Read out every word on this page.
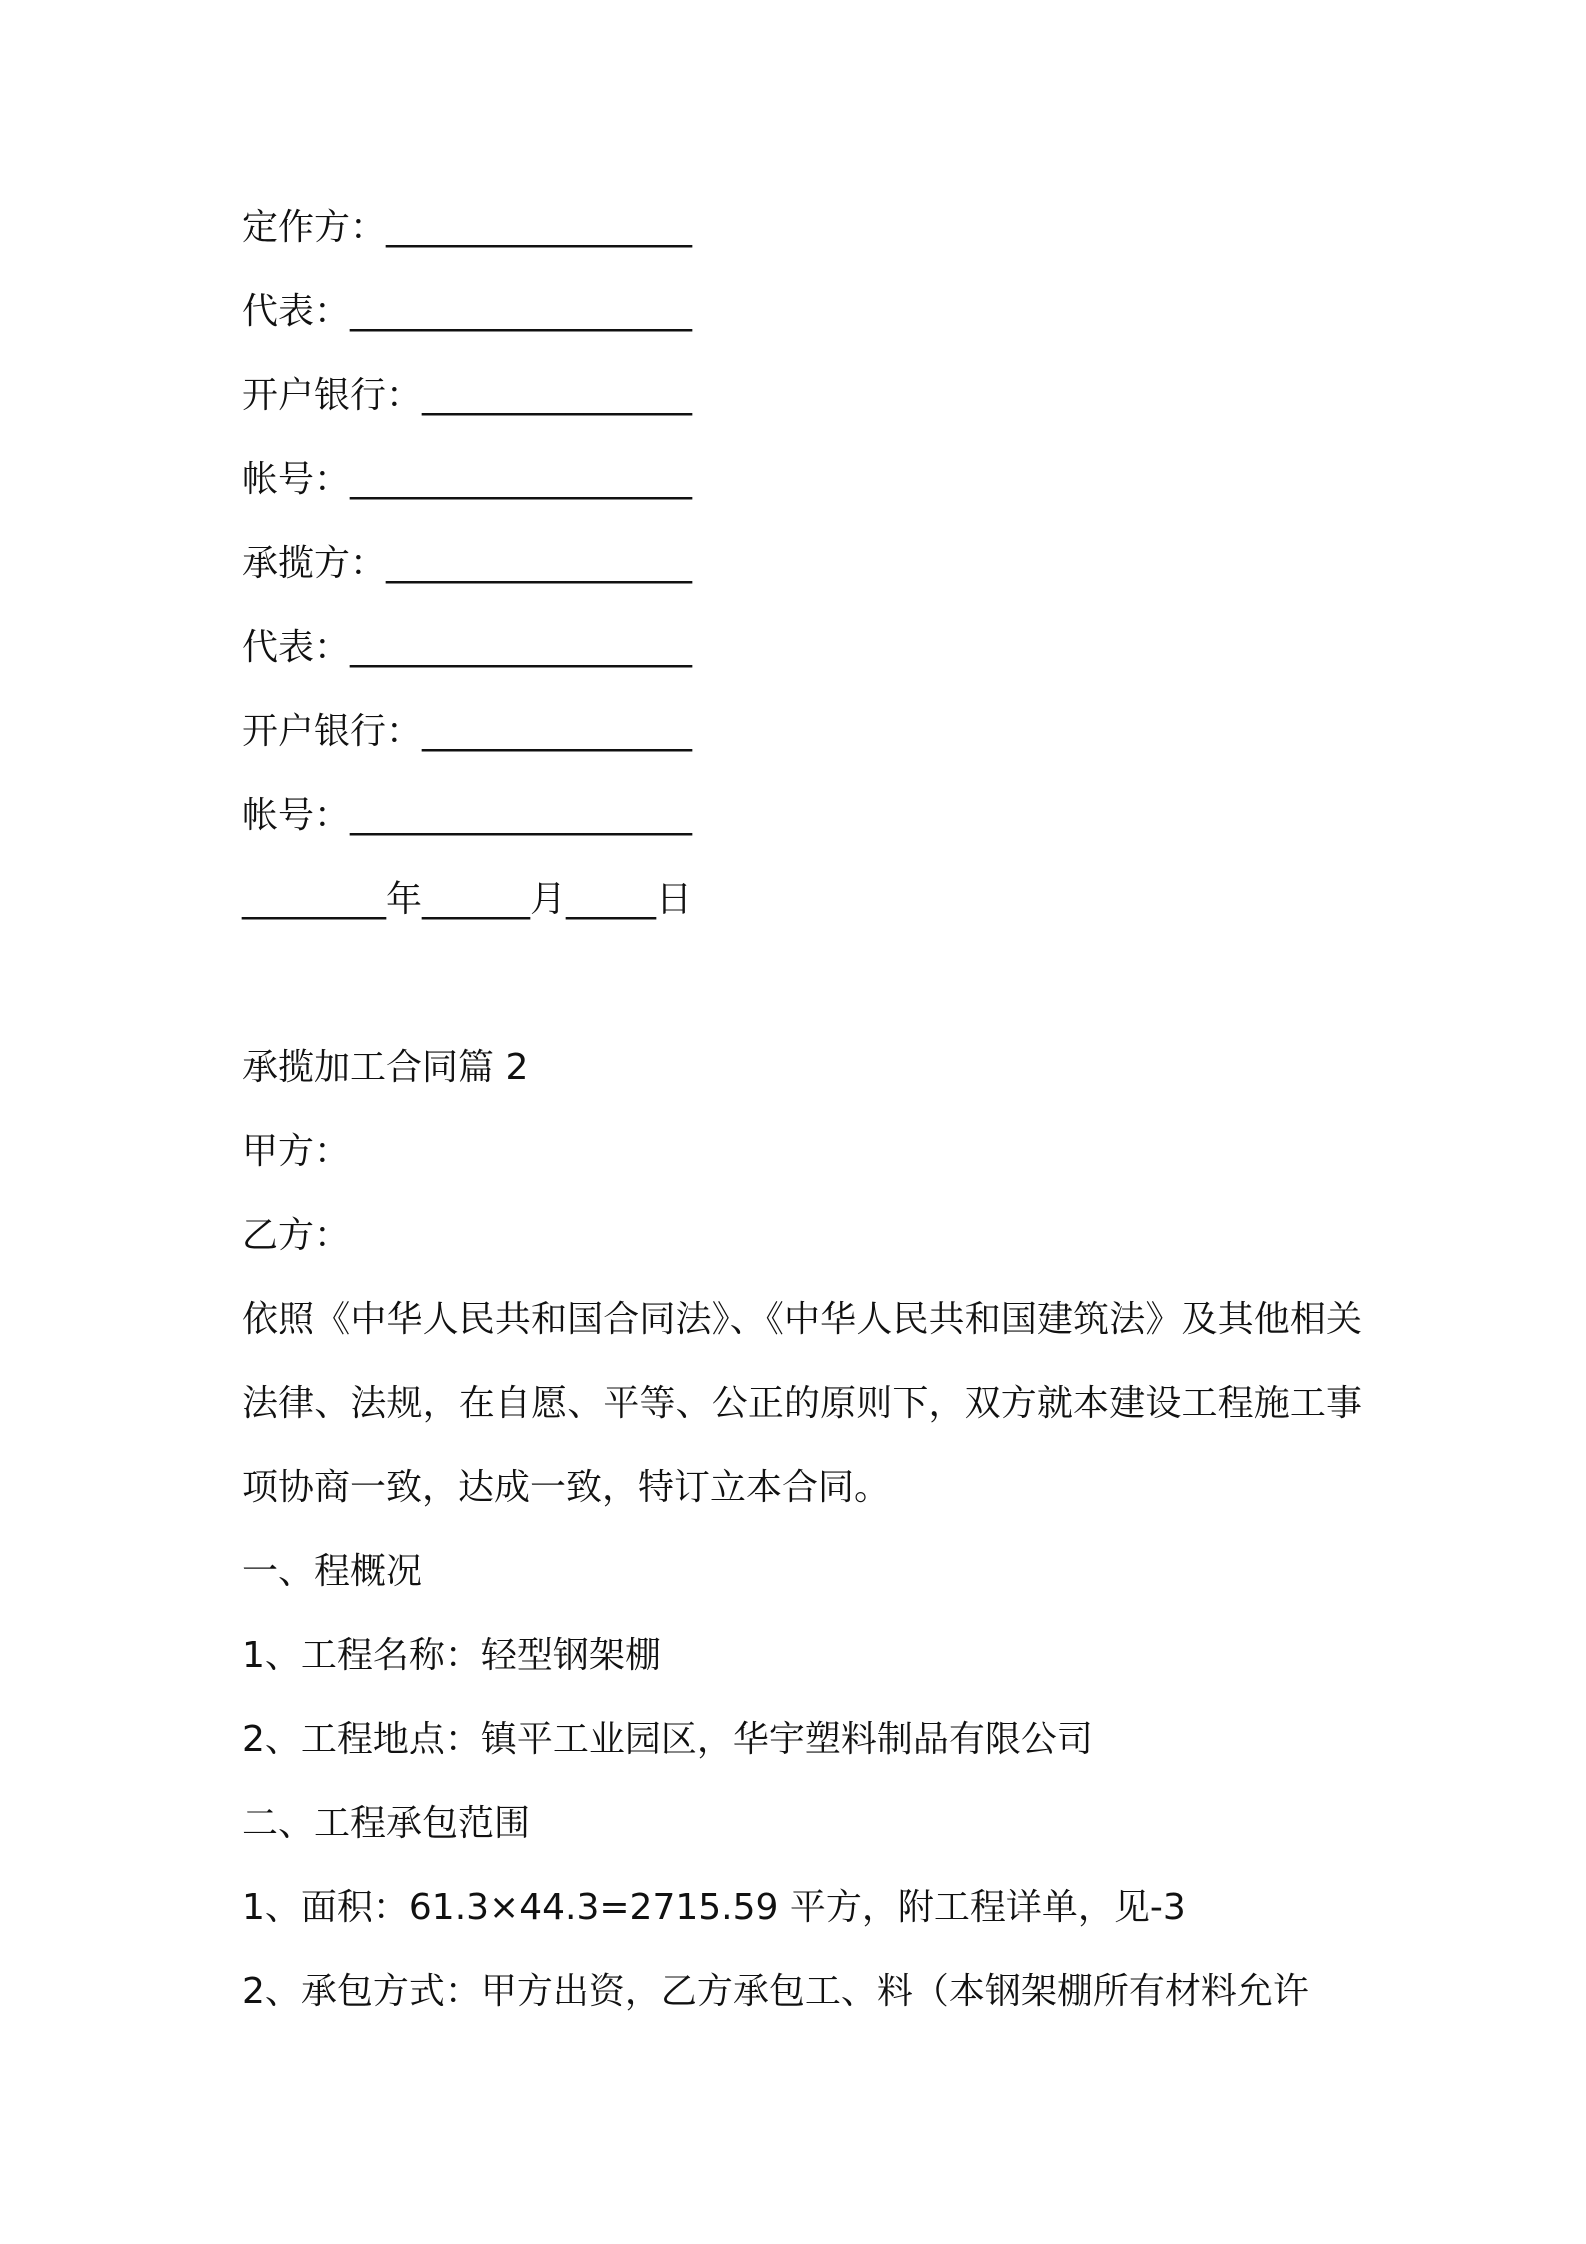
定作方：_________________
代表：___________________
开户银行：_______________
帐号：___________________
承揽方：_________________
代表：___________________
开户银行：_______________
帐号：___________________
________年______月_____日
承揽加工合同篇 2
甲方：
乙方：
依照《中华人民共和国合同法》、《中华人民共和国建筑法》及其他相关法律、法规，在自愿、平等、公正的原则下，双方就本建设工程施工事项协商一致，达成一致，特订立本合同。
一、程概况
1、工程名称：轻型钢架棚
2、工程地点：镇平工业园区，华宇塑料制品有限公司
二、工程承包范围
1、面积：61.3×44.3=2715.59 平方，附工程详单，见-3
2、承包方式：甲方出资，乙方承包工、料（本钢架棚所有材料允许
